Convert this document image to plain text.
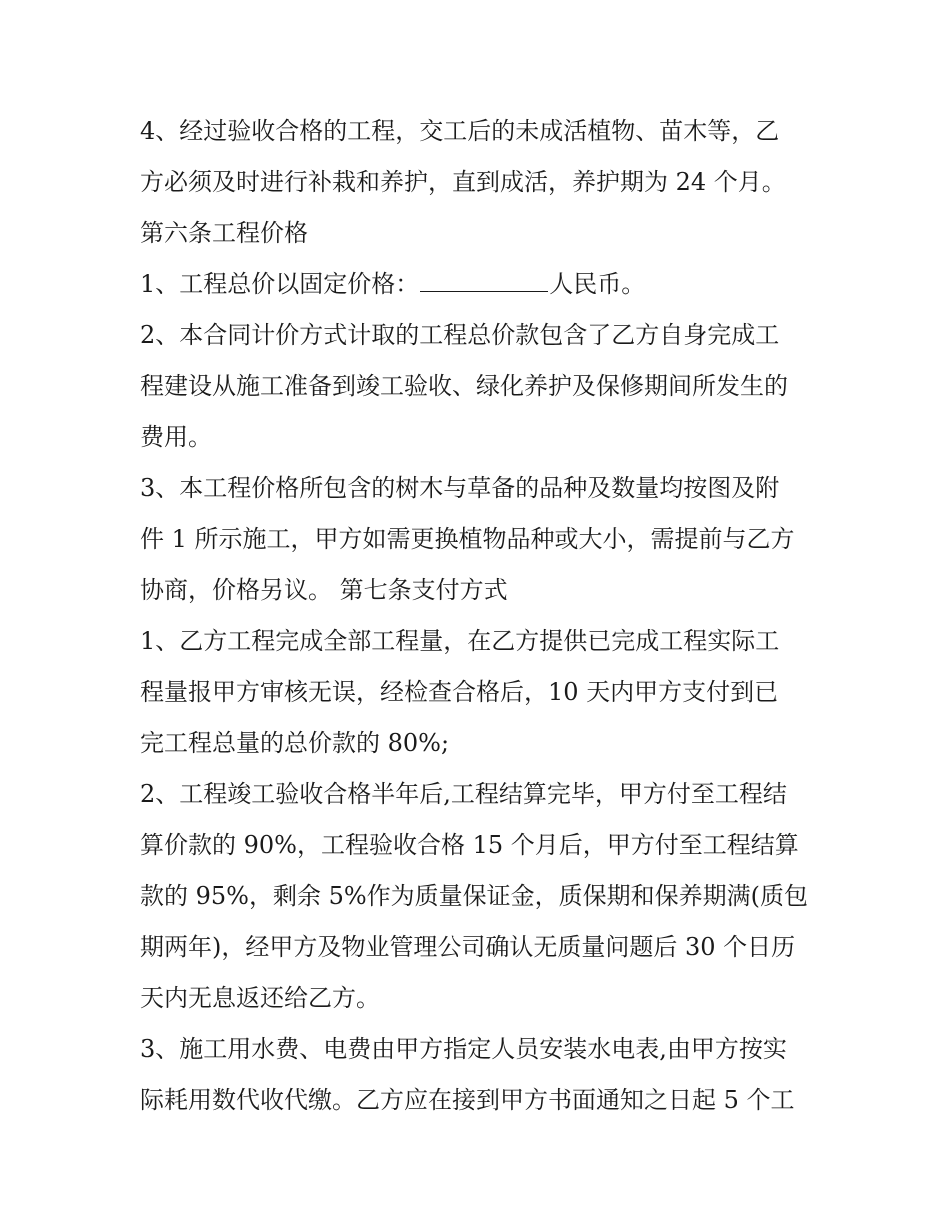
4、经过验收合格的工程，交工后的未成活植物、苗木等，乙
方必须及时进行补栽和养护，直到成活，养护期为 24 个月。
第六条工程价格
1、工程总价以固定价格：	人民币。
2、本合同计价方式计取的工程总价款包含了乙方自身完成工
程建设从施工准备到竣工验收、绿化养护及保修期间所发生的
费用。
3、本工程价格所包含的树木与草备的品种及数量均按图及附
件 1 所示施工，甲方如需更换植物品种或大小，需提前与乙方
协商，价格另议。 第七条支付方式
1、乙方工程完成全部工程量，在乙方提供已完成工程实际工
程量报甲方审核无误，经检查合格后，10 天内甲方支付到已
完工程总量的总价款的 80%;
2、工程竣工验收合格半年后,工程结算完毕，甲方付至工程结
算价款的 90%，工程验收合格 15 个月后，甲方付至工程结算
款的 95%，剩余 5%作为质量保证金，质保期和保养期满(质包
期两年)，经甲方及物业管理公司确认无质量问题后 30 个日历
天内无息返还给乙方。
3、施工用水费、电费由甲方指定人员安装水电表,由甲方按实
际耗用数代收代缴。乙方应在接到甲方书面通知之日起 5 个工
